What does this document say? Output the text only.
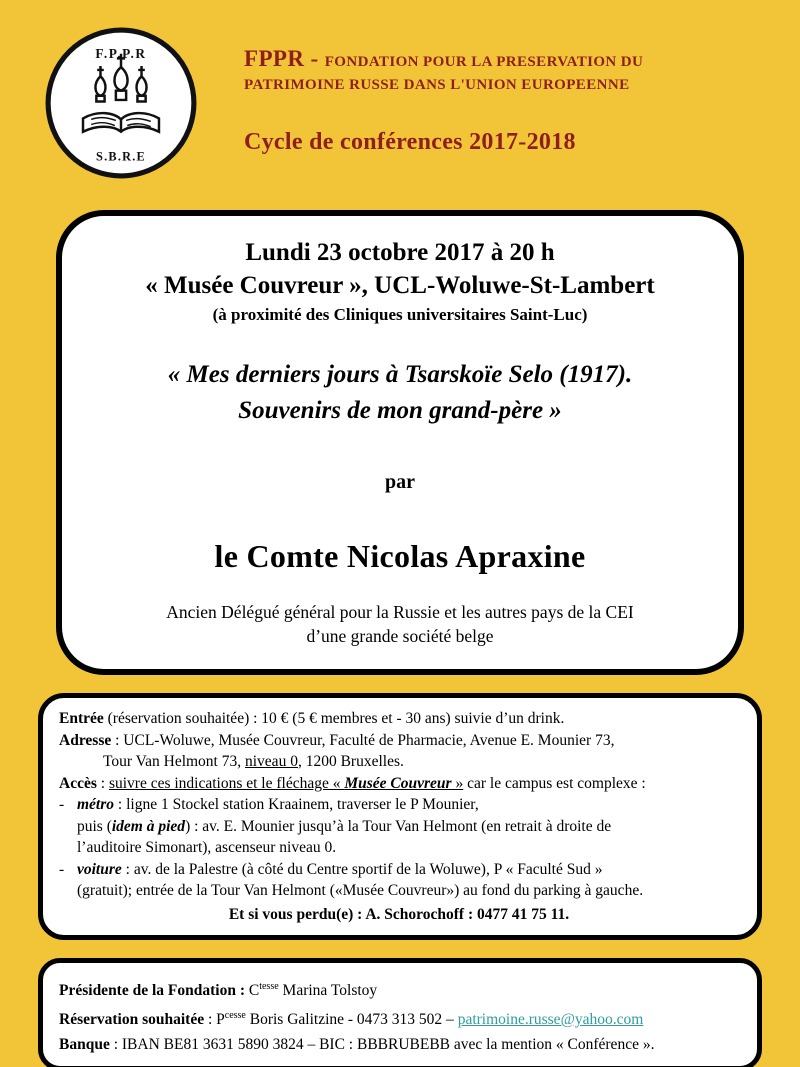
F.P.P.R
S.B.R.E

FPPR - FONDATION POUR LA PRESERVATION DU

PATRIMOINE RUSSE DANS L'UNION EUROPEENNE

Cycle de conférences 2017-2018

Lundi 23 octobre 2017 à 20 h

« Musée Couvreur », UCL-Woluwe-St-Lambert

(à proximité des Cliniques universitaires Saint-Luc)

« Mes derniers jours à Tsarskoïe Selo (1917).

Souvenirs de mon grand-père »

par

le Comte Nicolas Apraxine

Ancien Délégué général pour la Russie et les autres pays de la CEI

d’une grande société belge

Entrée (réservation souhaitée) : 10 € (5 € membres et - 30 ans) suivie d’un drink.

Adresse : UCL-Woluwe, Musée Couvreur, Faculté de Pharmacie, Avenue E. Mounier 73,

Tour Van Helmont 73, niveau 0, 1200 Bruxelles.

Accès : suivre ces indications et le fléchage « Musée Couvreur » car le campus est complexe :

- métro : ligne 1 Stockel station Kraainem, traverser le P Mounier,

puis (idem à pied) : av. E. Mounier jusqu’à la Tour Van Helmont (en retrait à droite de

l’auditoire Simonart), ascenseur niveau 0.

- voiture : av. de la Palestre (à côté du Centre sportif de la Woluwe), P « Faculté Sud »

(gratuit); entrée de la Tour Van Helmont («Musée Couvreur») au fond du parking à gauche.

Et si vous perdu(e) : A. Schorochoff : 0477 41 75 11.

Présidente de la Fondation : $C^{tesse}$ Marina Tolstoy

Réservation souhaitée : $P^{cesse}$ Boris Galitzine - 0473 313 502 – patrimoine.russe@yahoo.com

Banque : IBAN BE81 3631 5890 3824 – BIC : BBBRUBEBB avec la mention « Conférence ».
